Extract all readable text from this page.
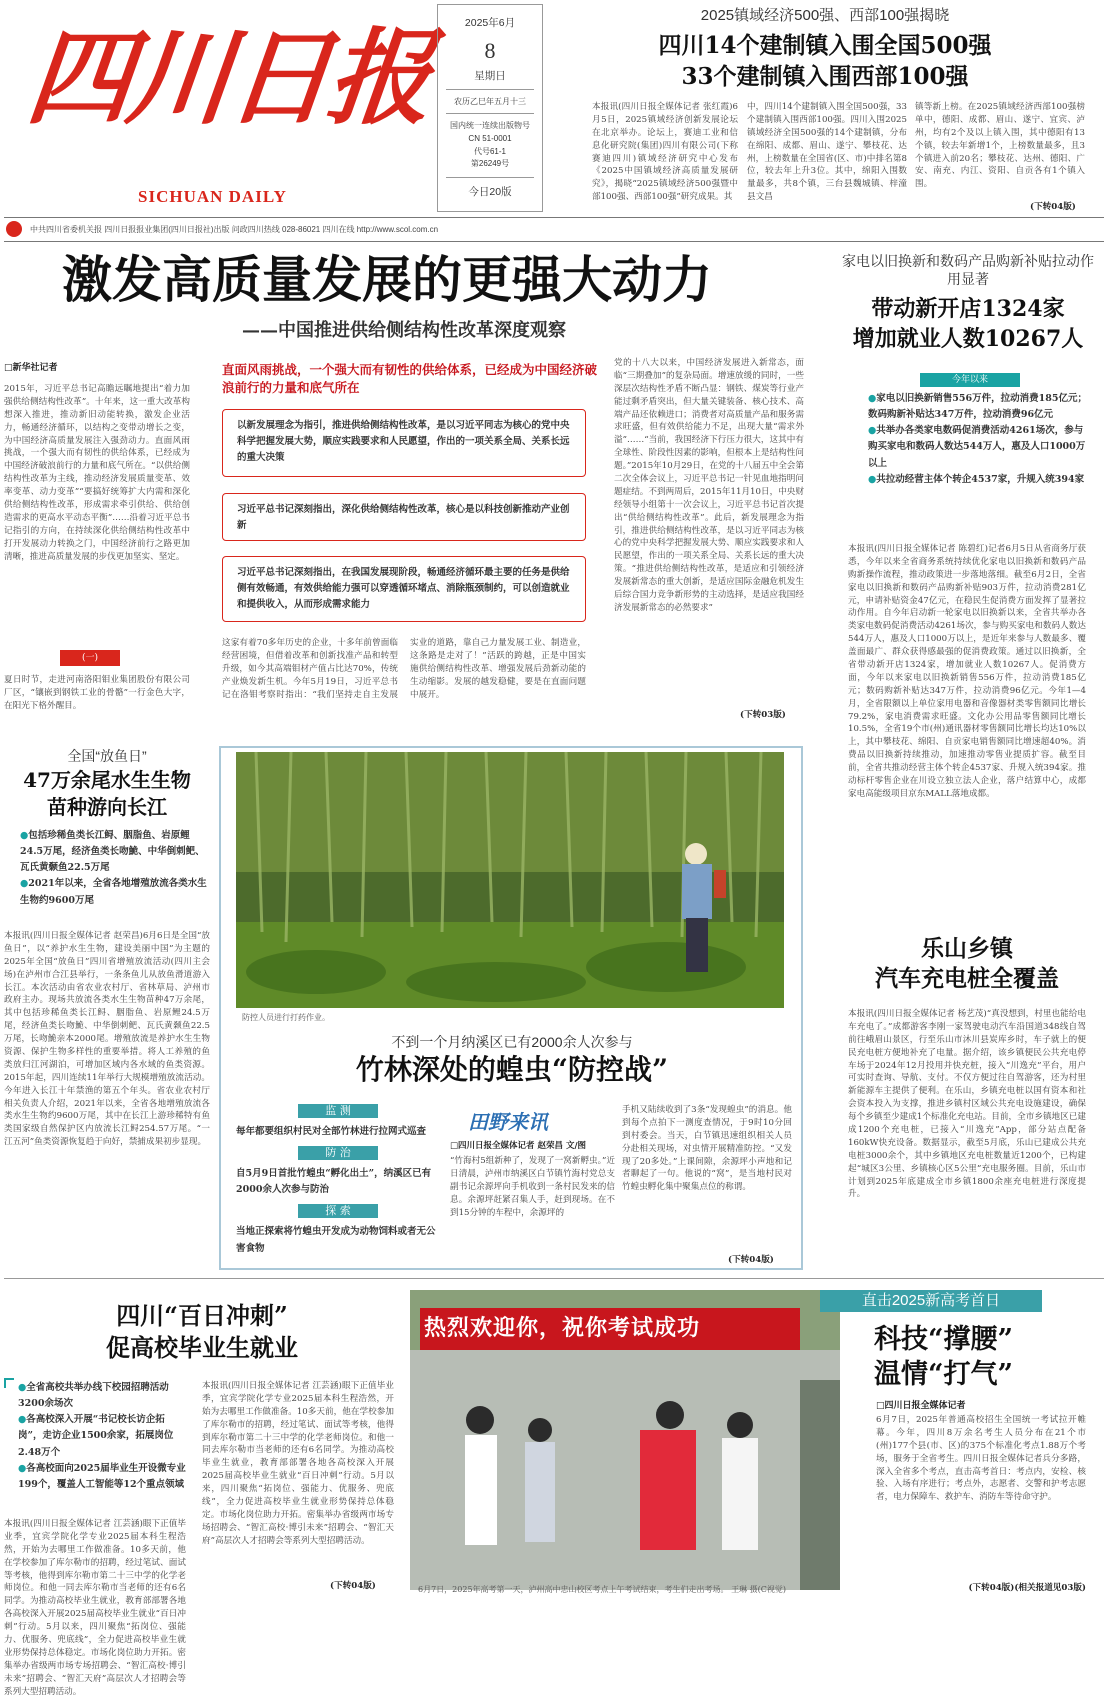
四川日报
SICHUAN DAILY
2025年6月
8
星期日
农历乙巳年五月十三
国内统一连续出版物号
CN 51-0001
代号61-1
第26249号
今日20版
2025镇域经济500强、西部100强揭晓
四川14个建制镇入围全国500强
33个建制镇入围西部100强
本报讯(四川日报全媒体记者 张红霞)6月5日，2025镇域经济创新发展论坛在北京举办。论坛上，赛迪工业和信息化研究院(集团)四川有限公司(下称赛迪四川)镇域经济研究中心发布《2025中国镇域经济高质量发展研究》，揭晓“2025镇域经济500强暨中部100强、西部100强”研究成果。其
中，四川14个建制镇入围全国500强，33个建制镇入围西部100强。四川入围2025镇域经济全国500强的14个建制镇，分布在绵阳、成都、眉山、遂宁、攀枝花、达州，上榜数量在全国省(区、市)中排名第8位，较去年上升3位。其中，绵阳入围数量最多，共8个镇，三台县魏城镇、梓潼县文昌
镇等新上榜。在2025镇域经济西部100强榜单中，德阳、成都、眉山、遂宁、宜宾、泸州，均有2个及以上镇入围，其中德阳有13个镇，较去年新增1个，上榜数量最多，且3个镇进入前20名；攀枝花、达州、德阳、广安、南充、内江、资阳、自贡各有1个镇入围。
(下转04版)
中共四川省委机关报 四川日报报业集团(四川日报社)出版 问政四川热线 028-86021 四川在线 http://www.scol.com.cn
激发高质量发展的更强大动力
——中国推进供给侧结构性改革深度观察
□新华社记者
2015年，习近平总书记高瞻远瞩地提出“着力加强供给侧结构性改革”。十年来，这一重大改革构想深入推进，推动新旧动能转换，激发企业活力，畅通经济循环，以结构之变带动增长之变，为中国经济高质量发展注入强劲动力。直面风雨挑战，一个强大而有韧性的供给体系，已经成为中国经济破浪前行的力量和底气所在。“以供给侧结构性改革为主线，推动经济发展质量变革、效率变革、动力变革”“要搞好统筹扩大内需和深化供给侧结构性改革，形成需求牵引供给、供给创造需求的更高水平动态平衡”……沿着习近平总书记指引的方向，在持续深化供给侧结构性改革中打开发展动力转换之门，中国经济前行之路更加清晰，推进高质量发展的步伐更加坚实、坚定。
(一)
夏日时节，走进河南洛阳钼业集团股份有限公司厂区，“镶嵌到钢铁工业的骨骼”一行金色大字，在阳光下格外醒目。
直面风雨挑战，一个强大而有韧性的供给体系，已经成为中国经济破浪前行的力量和底气所在
以新发展理念为指引，推进供给侧结构性改革，是以习近平同志为核心的党中央科学把握发展大势，顺应实践要求和人民愿望，作出的一项关系全局、关系长远的重大决策
习近平总书记深刻指出，深化供给侧结构性改革，核心是以科技创新推动产业创新
习近平总书记深刻指出，在我国发展现阶段，畅通经济循环最主要的任务是供给侧有效畅通，有效供给能力强可以穿透循环堵点、消除瓶颈制约，可以创造就业和提供收入，从而形成需求能力
这家有着70多年历史的企业，十多年前曾面临经营困境，但借着改革和创新找准产品和转型升级，如今其高端钼材产值占比达70%，传统产业焕发新生机。今年5月19日，习近平总书记在洛钼考察时指出：“我们坚持走自主发展实业的道路，靠自己力量发展工业、制造业，这条路是走对了！”活跃的跨越，正是中国实施供给侧结构性改革、增强发展后劲新动能的生动缩影。发展的越发稳健，要是在直面问题中展开。
党的十八大以来，中国经济发展进入新常态，面临“三期叠加”的复杂局面。增速放缓的同时，一些深层次结构性矛盾不断凸显：钢铁、煤炭等行业产能过剩矛盾突出，但大量关键装备、核心技术、高端产品还依赖进口；消费者对高质量产品和服务需求旺盛，但有效供给能力不足，出现大量“需求外溢”……“当前，我国经济下行压力很大，这其中有全球性、阶段性因素的影响，但根本上是结构性问题。”2015年10月29日，在党的十八届五中全会第二次全体会议上，习近平总书记一针见血地指明问题症结。不到两周后，2015年11月10日，中央财经领导小组第十一次会议上，习近平总书记首次提出“供给侧结构性改革”。此后，新发展理念为指引，推进供给侧结构性改革，是以习近平同志为核心的党中央科学把握发展大势、顺应实践要求和人民愿望，作出的一项关系全局、关系长远的重大决策。“推进供给侧结构性改革，是适应和引领经济发展新常态的重大创新，是适应国际金融危机发生后综合国力竞争新形势的主动选择，是适应我国经济发展新常态的必然要求”
(下转03版)
家电以旧换新和数码产品购新补贴拉动作用显著
带动新开店1324家
增加就业人数10267人
今年以来
●家电以旧换新销售556万件，拉动消费185亿元；数码购新补贴达347万件，拉动消费96亿元
●共举办各类家电数码促消费活动4261场次，参与购买家电和数码人数达544万人，惠及人口1000万以上
●共拉动经营主体个转企4537家，升规入统394家
本报讯(四川日报全媒体记者 陈碧红)记者6月5日从省商务厅获悉，今年以来全省商务系统持续优化家电以旧换新和数码产品购新操作流程，推动政策进一步落地落细。截至6月2日，全省家电以旧换新和数码产品购新补贴903万件，拉动消费281亿元，申请补贴资金47亿元，在稳民生促消费方面发挥了显著拉动作用。自今年启动新一轮家电以旧换新以来，全省共举办各类家电数码促消费活动4261场次，参与购买家电和数码人数达544万人，惠及人口1000万以上，是近年来参与人数最多、覆盖面最广、群众获得感最强的促消费政策。通过以旧换新，全省带动新开店1324家，增加就业人数10267人。促消费方面，今年以来家电以旧换新销售556万件，拉动消费185亿元；数码购新补贴达347万件，拉动消费96亿元。今年1—4月，全省限额以上单位家用电器和音像器材类零售额同比增长79.2%，家电消费需求旺盛。文化办公用品零售额同比增长10.5%，全省19个市(州)通讯器材零售额同比增长均达10%以上，其中攀枝花、绵阳、自贡家电销售额同比增速超40%。消费品以旧换新持续推动，加速推动零售业提质扩容。截至目前，全省共推动经营主体个转企4537家、升规入统394家。推动标杆零售企业在川设立独立法人企业，落户结算中心，成都家电高能级项目京东MALL落地成都。
乐山乡镇
汽车充电桩全覆盖
本报讯(四川日报全媒体记者 杨艺茂)“真没想到，村里也能给电车充电了。”成都游客李刚一家驾驶电动汽车沿国道348线自驾前往峨眉山景区，行至乐山市沐川县炭库乡时，车子就上的便民充电桩方便地补充了电量。据介绍，该乡镇便民公共充电停车场于2024年12月投用并快充桩，接入“川逸充”平台，用户可实时查询、导航、支付。不仅方便过往自驾游客，还为村里新能源车主提供了便利。在乐山，乡镇充电桩以国有资本和社会资本投入为支撑，推进乡镇村区域公共充电设施建设，确保每个乡镇至少建成1个标准化充电站。目前，全市乡镇地区已建成1200个充电桩，已接入“川逸充”App，部分站点配备160kW快充设备。数据显示，截至5月底，乐山已建成公共充电桩3000余个，其中乡镇地区充电桩数量近1200个，已构建起“城区3公里、乡镇核心区5公里”充电服务圈。目前，乐山市计划到2025年底建成全市乡镇1800余座充电桩进行深度提升。
全国“放鱼日”
47万余尾水生生物
苗种游向长江
●包括珍稀鱼类长江鲟、胭脂鱼、岩原鲤24.5万尾，经济鱼类长吻鮠、中华倒刺鲃、瓦氏黄颡鱼22.5万尾
●2021年以来，全省各地增殖放流各类水生生物约9600万尾
本报讯(四川日报全媒体记者 赵荣昌)6月6日是全国“放鱼日”，以“养护水生生物，建设美丽中国”为主题的2025年全国“放鱼日”四川省增殖放流活动(四川主会场)在泸州市合江县举行，一条条鱼儿从放鱼滑道游入长江。本次活动由省农业农村厅、省林草局、泸州市政府主办。现场共放流各类水生生物苗种47万余尾，其中包括珍稀鱼类长江鲟、胭脂鱼、岩原鲤24.5万尾，经济鱼类长吻鮠、中华倒刺鲃、瓦氏黄颡鱼22.5万尾，长吻鮠亲本2000尾。增殖放流是养护水生生物资源、保护生物多样性的重要举措。将人工养殖的鱼类放归江河湖泊，可增加区域内各水域的鱼类资源。2015年起，四川连续11年举行大规模增殖放流活动。今年进入长江十年禁渔的第五个年头。省农业农村厅相关负责人介绍，2021年以来，全省各地增殖放流各类水生生物约9600万尾，其中在长江上游珍稀特有鱼类国家级自然保护区内放流长江鲟254.57万尾。“一江五河”鱼类资源恢复趋于向好，禁捕成果初步显现。
防控人员进行打药作业。
不到一个月纳溪区已有2000余人次参与
竹林深处的蝗虫“防控战”
监 测
每年都要组织村民对全部竹林进行拉网式巡查
防 治
自5月9日首批竹蝗虫“孵化出土”，纳溪区已有2000余人次参与防治
探 索
当地正探索将竹蝗虫开发成为动物饲料或者无公害食物
田野来讯
□四川日报全媒体记者 赵荣昌 文/图
“竹海村5组新种了，发现了一窝新孵虫。”近日清晨，泸州市纳溪区白节镇竹海村党总支副书记余源坪向手机收到一条村民发来的信息。余源坪赶紧召集人手，赶到现场。在不到15分钟的车程中，余源坪的
手机又陆续收到了3条“发现蝗虫”的消息。他到每个点拍下一测度查情况，于9时10分回到村委会。当天，白节镇迅速组织相关人员分赴相关现场，对虫情开展精准防控。“又发现了20多处。”上课间隙，余源坪小声地和记者聊起了一句。他说的“窝”，是当地村民对竹蝗虫孵化集中聚集点位的称谓。
(下转04版)
四川“百日冲刺”
促高校毕业生就业
●全省高校共举办线下校园招聘活动3200余场次
●各高校深入开展“书记校长访企拓岗”，走访企业1500余家，拓展岗位2.48万个
●各高校面向2025届毕业生开设微专业199个，覆盖人工智能等12个重点领域
本报讯(四川日报全媒体记者 江芸涵)眼下正值毕业季，宜宾学院化学专业2025届本科生程浩然，开始为去哪里工作做准备。10多天前，他在学校参加了库尔勒市的招聘，经过笔试、面试等考核，他得到库尔勒市第二十三中学的化学老师岗位。和他一同去库尔勒市当老师的还有6名同学。为推动高校毕业生就业，教育部部署各地各高校深入开展2025届高校毕业生就业“百日冲刺”行动。5月以来，四川聚焦“拓岗位、强能力、优服务、兜底线”，全力促进高校毕业生就业形势保持总体稳定。市场化岗位助力开拓。密集举办省级两市场专场招聘会、“智汇高校·博引未来”招聘会、“智汇天府”高层次人才招聘会等系列大型招聘活动。
本报讯(四川日报全媒体记者 江芸涵)眼下正值毕业季，宜宾学院化学专业2025届本科生程浩然，开始为去哪里工作做准备。10多天前，他在学校参加了库尔勒市的招聘，经过笔试、面试等考核，他得到库尔勒市第二十三中学的化学老师岗位。和他一同去库尔勒市当老师的还有6名同学。为推动高校毕业生就业，教育部部署各地各高校深入开展2025届高校毕业生就业“百日冲刺”行动。5月以来，四川聚焦“拓岗位、强能力、优服务、兜底线”，全力促进高校毕业生就业形势保持总体稳定。市场化岗位助力开拓。密集举办省级两市场专场招聘会、“智汇高校·博引未来”招聘会、“智汇天府”高层次人才招聘会等系列大型招聘活动。
(下转04版)
热烈欢迎你，祝你考试成功
6月7日，2025年高考第一天，泸州高中忠山校区考点上午考试结束，考生们走出考场。 王琳 摄(C视觉)
直击2025新高考首日
科技“撑腰”
温情“打气”
□四川日报全媒体记者
6月7日，2025年普通高校招生全国统一考试拉开帷幕。今年，四川8万余名考生人员分布在21个市(州)177个县(市、区)的375个标准化考点1.88万个考场，服务于全省考生。四川日报全媒体记者兵分多路，深入全省多个考点，直击高考首日：考点内，安检、核验、入场有序进行；考点外，志愿者、交警和护考志愿者，电力保障车、救护车、消防车等待命守护。
(下转04版)(相关报道见03版)
